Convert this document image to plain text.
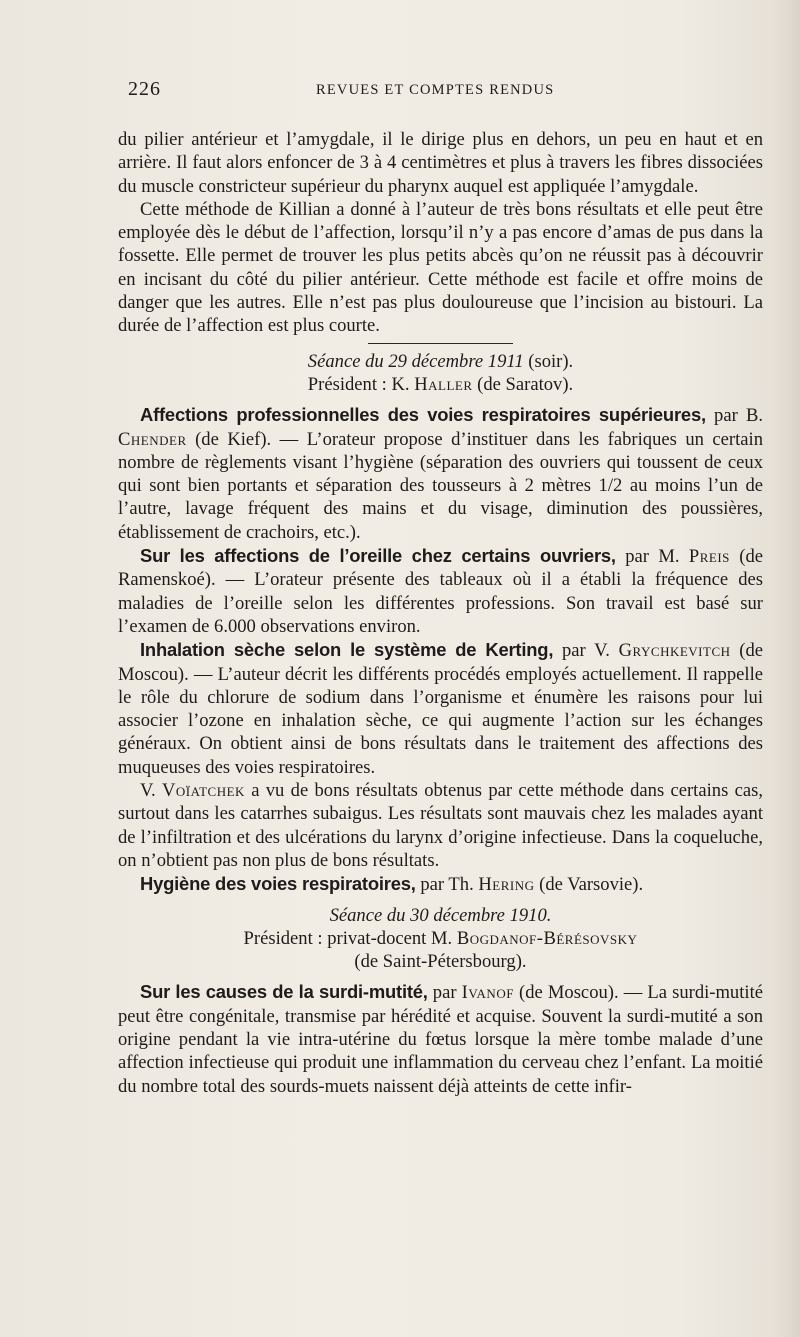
226	REVUES ET COMPTES RENDUS

du pilier antérieur et l’amygdale, il le dirige plus en dehors, un peu en haut et en arrière. Il faut alors enfoncer de 3 à 4 centimètres et plus à travers les fibres dissociées du muscle constricteur supérieur du pharynx auquel est appliquée l’amygdale.

Cette méthode de Killian a donné à l’auteur de très bons résultats et elle peut être employée dès le début de l’affection, lorsqu’il n’y a pas encore d’amas de pus dans la fossette. Elle permet de trouver les plus petits abcès qu’on ne réussit pas à découvrir en incisant du côté du pilier antérieur. Cette méthode est facile et offre moins de danger que les autres. Elle n’est pas plus douloureuse que l’incision au bistouri. La durée de l’affection est plus courte.

Séance du 29 décembre 1911 (soir).

Président : K. Haller (de Saratov).

Affections professionnelles des voies respiratoires supérieures, par B. Chender (de Kief). — L’orateur propose d’instituer dans les fabriques un certain nombre de règlements visant l’hygiène (séparation des ouvriers qui toussent de ceux qui sont bien portants et séparation des tousseurs à 2 mètres 1/2 au moins l’un de l’autre, lavage fréquent des mains et du visage, diminution des poussières, établissement de crachoirs, etc.).

Sur les affections de l’oreille chez certains ouvriers, par M. Preis (de Ramenskoé). — L’orateur présente des tableaux où il a établi la fréquence des maladies de l’oreille selon les différentes professions. Son travail est basé sur l’examen de 6.000 observations environ.

Inhalation sèche selon le système de Kerting, par V. Grychkevitch (de Moscou). — L’auteur décrit les différents procédés employés actuellement. Il rappelle le rôle du chlorure de sodium dans l’organisme et énumère les raisons pour lui associer l’ozone en inhalation sèche, ce qui augmente l’action sur les échanges généraux. On obtient ainsi de bons résultats dans le traitement des affections des muqueuses des voies respiratoires.

V. Voïatchek a vu de bons résultats obtenus par cette méthode dans certains cas, surtout dans les catarrhes subaigus. Les résultats sont mauvais chez les malades ayant de l’infiltration et des ulcérations du larynx d’origine infectieuse. Dans la coqueluche, on n’obtient pas non plus de bons résultats.

Hygiène des voies respiratoires, par Th. Hering (de Varsovie).

Séance du 30 décembre 1910.

Président : privat-docent M. Bogdanof-Bérésovsky

(de Saint-Pétersbourg).

Sur les causes de la surdi-mutité, par Ivanof (de Moscou). — La surdi-mutité peut être congénitale, transmise par hérédité et acquise. Souvent la surdi-mutité a son origine pendant la vie intra-utérine du fœtus lorsque la mère tombe malade d’une affection infectieuse qui produit une inflammation du cerveau chez l’enfant. La moitié du nombre total des sourds-muets naissent déjà atteints de cette infir-
